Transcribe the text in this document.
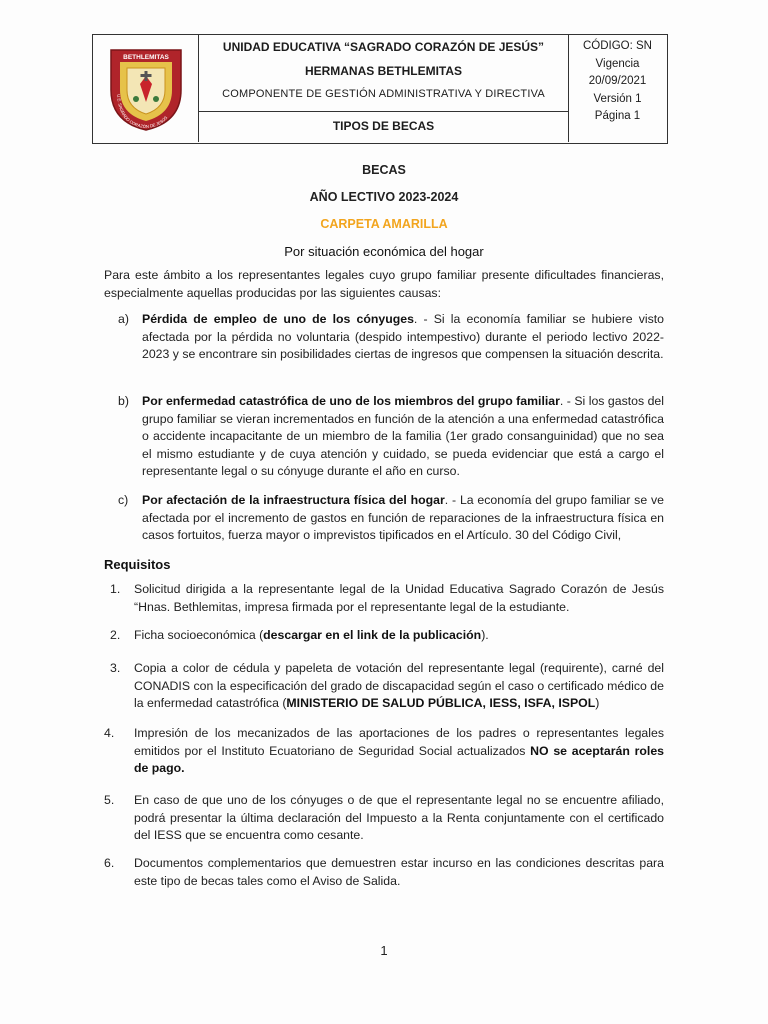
BETHLEMITAS
U.E. SAGRADO CORAZÓN DE JESÚS
UNIDAD EDUCATIVA “SAGRADO CORAZÓN DE JESÚS”
HERMANAS BETHLEMITAS
COMPONENTE DE GESTIÓN ADMINISTRATIVA Y DIRECTIVA
TIPOS DE BECAS
CÓDIGO: SN
Vigencia
20/09/2021
Versión 1
Página 1
BECAS
AÑO LECTIVO 2023-2024
CARPETA AMARILLA
Por situación económica del hogar
Para este ámbito a los representantes legales cuyo grupo familiar presente dificultades financieras, especialmente aquellas producidas por las siguientes causas:
a) Pérdida de empleo de uno de los cónyuges. - Si la economía familiar se hubiere visto afectada por la pérdida no voluntaria (despido intempestivo) durante el periodo lectivo 2022-2023 y se encontrare sin posibilidades ciertas de ingresos que compensen la situación descrita.
b) Por enfermedad catastrófica de uno de los miembros del grupo familiar. - Si los gastos del grupo familiar se vieran incrementados en función de la atención a una enfermedad catastrófica o accidente incapacitante de un miembro de la familia (1er grado consanguinidad) que no sea el mismo estudiante y de cuya atención y cuidado, se pueda evidenciar que está a cargo el representante legal o su cónyuge durante el año en curso.
c) Por afectación de la infraestructura física del hogar. - La economía del grupo familiar se ve afectada por el incremento de gastos en función de reparaciones de la infraestructura física en casos fortuitos, fuerza mayor o imprevistos tipificados en el Artículo. 30 del Código Civil,
Requisitos
1. Solicitud dirigida a la representante legal de la Unidad Educativa Sagrado Corazón de Jesús “Hnas. Bethlemitas, impresa firmada por el representante legal de la estudiante.
2. Ficha socioeconómica (descargar en el link de la publicación).
3. Copia a color de cédula y papeleta de votación del representante legal (requirente), carné del CONADIS con la especificación del grado de discapacidad según el caso o certificado médico de la enfermedad catastrófica (MINISTERIO DE SALUD PÚBLICA, IESS, ISFA, ISPOL)
4. Impresión de los mecanizados de las aportaciones de los padres o representantes legales emitidos por el Instituto Ecuatoriano de Seguridad Social actualizados NO se aceptarán roles de pago.
5. En caso de que uno de los cónyuges o de que el representante legal no se encuentre afiliado, podrá presentar la última declaración del Impuesto a la Renta conjuntamente con el certificado del IESS que se encuentra como cesante.
6. Documentos complementarios que demuestren estar incurso en las condiciones descritas para este tipo de becas tales como el Aviso de Salida.
1
